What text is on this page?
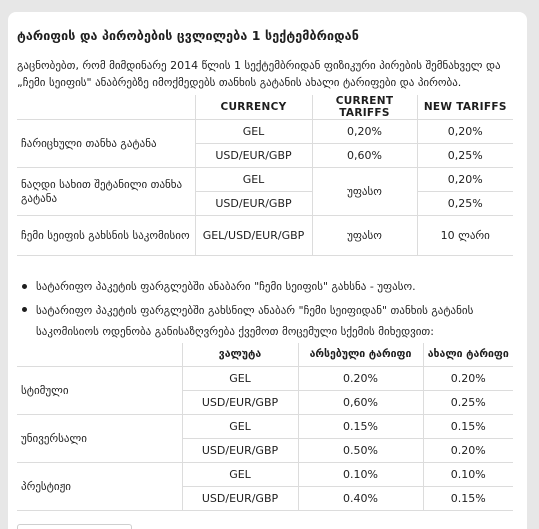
ტარიფის და პირობების ცვლილება 1 სექტემბრიდან
გაცნობებთ, რომ მიმდინარე 2014 წლის 1 სექტემბრიდან ფიზიკური პირების შემნახველ და „ჩემი სეიფის" ანაბრებზე იმოქმედებს თანხის გატანის ახალი ტარიფები და პირობა.
	CURRENCY	CURRENT TARIFFS	NEW TARIFFS
ჩარიცხული თანხა გატანა	GEL	0,20%	0,20%
	USD/EUR/GBP	0,60%	0,25%
ნაღდი სახით შეტანილი თანხა გატანა	GEL	უფასო	0,20%
	USD/EUR/GBP		0,25%
ჩემი სეიფის გახსნის საკომისიო	GEL/USD/EUR/GBP	უფასო	10 ლარი
სატარიფო პაკეტის ფარგლებში ანაბარი "ჩემი სეიფის" გახსნა - უფასო.
სატარიფო პაკეტის ფარგლებში გახსნილ ანაბარ "ჩემი სეიფიდან" თანხის გატანის საკომისიოს ოდენობა განისაზღვრება ქვემოთ მოცემული სქემის მიხედვით:
	ვალუტა	არსებული ტარიფი	ახალი ტარიფი
სტიმული	GEL	0.20%	0.20%
	USD/EUR/GBP	0,60%	0.25%
უნივერსალი	GEL	0.15%	0.15%
	USD/EUR/GBP	0.50%	0.20%
პრესტიჟი	GEL	0.10%	0.10%
	USD/EUR/GBP	0.40%	0.15%
